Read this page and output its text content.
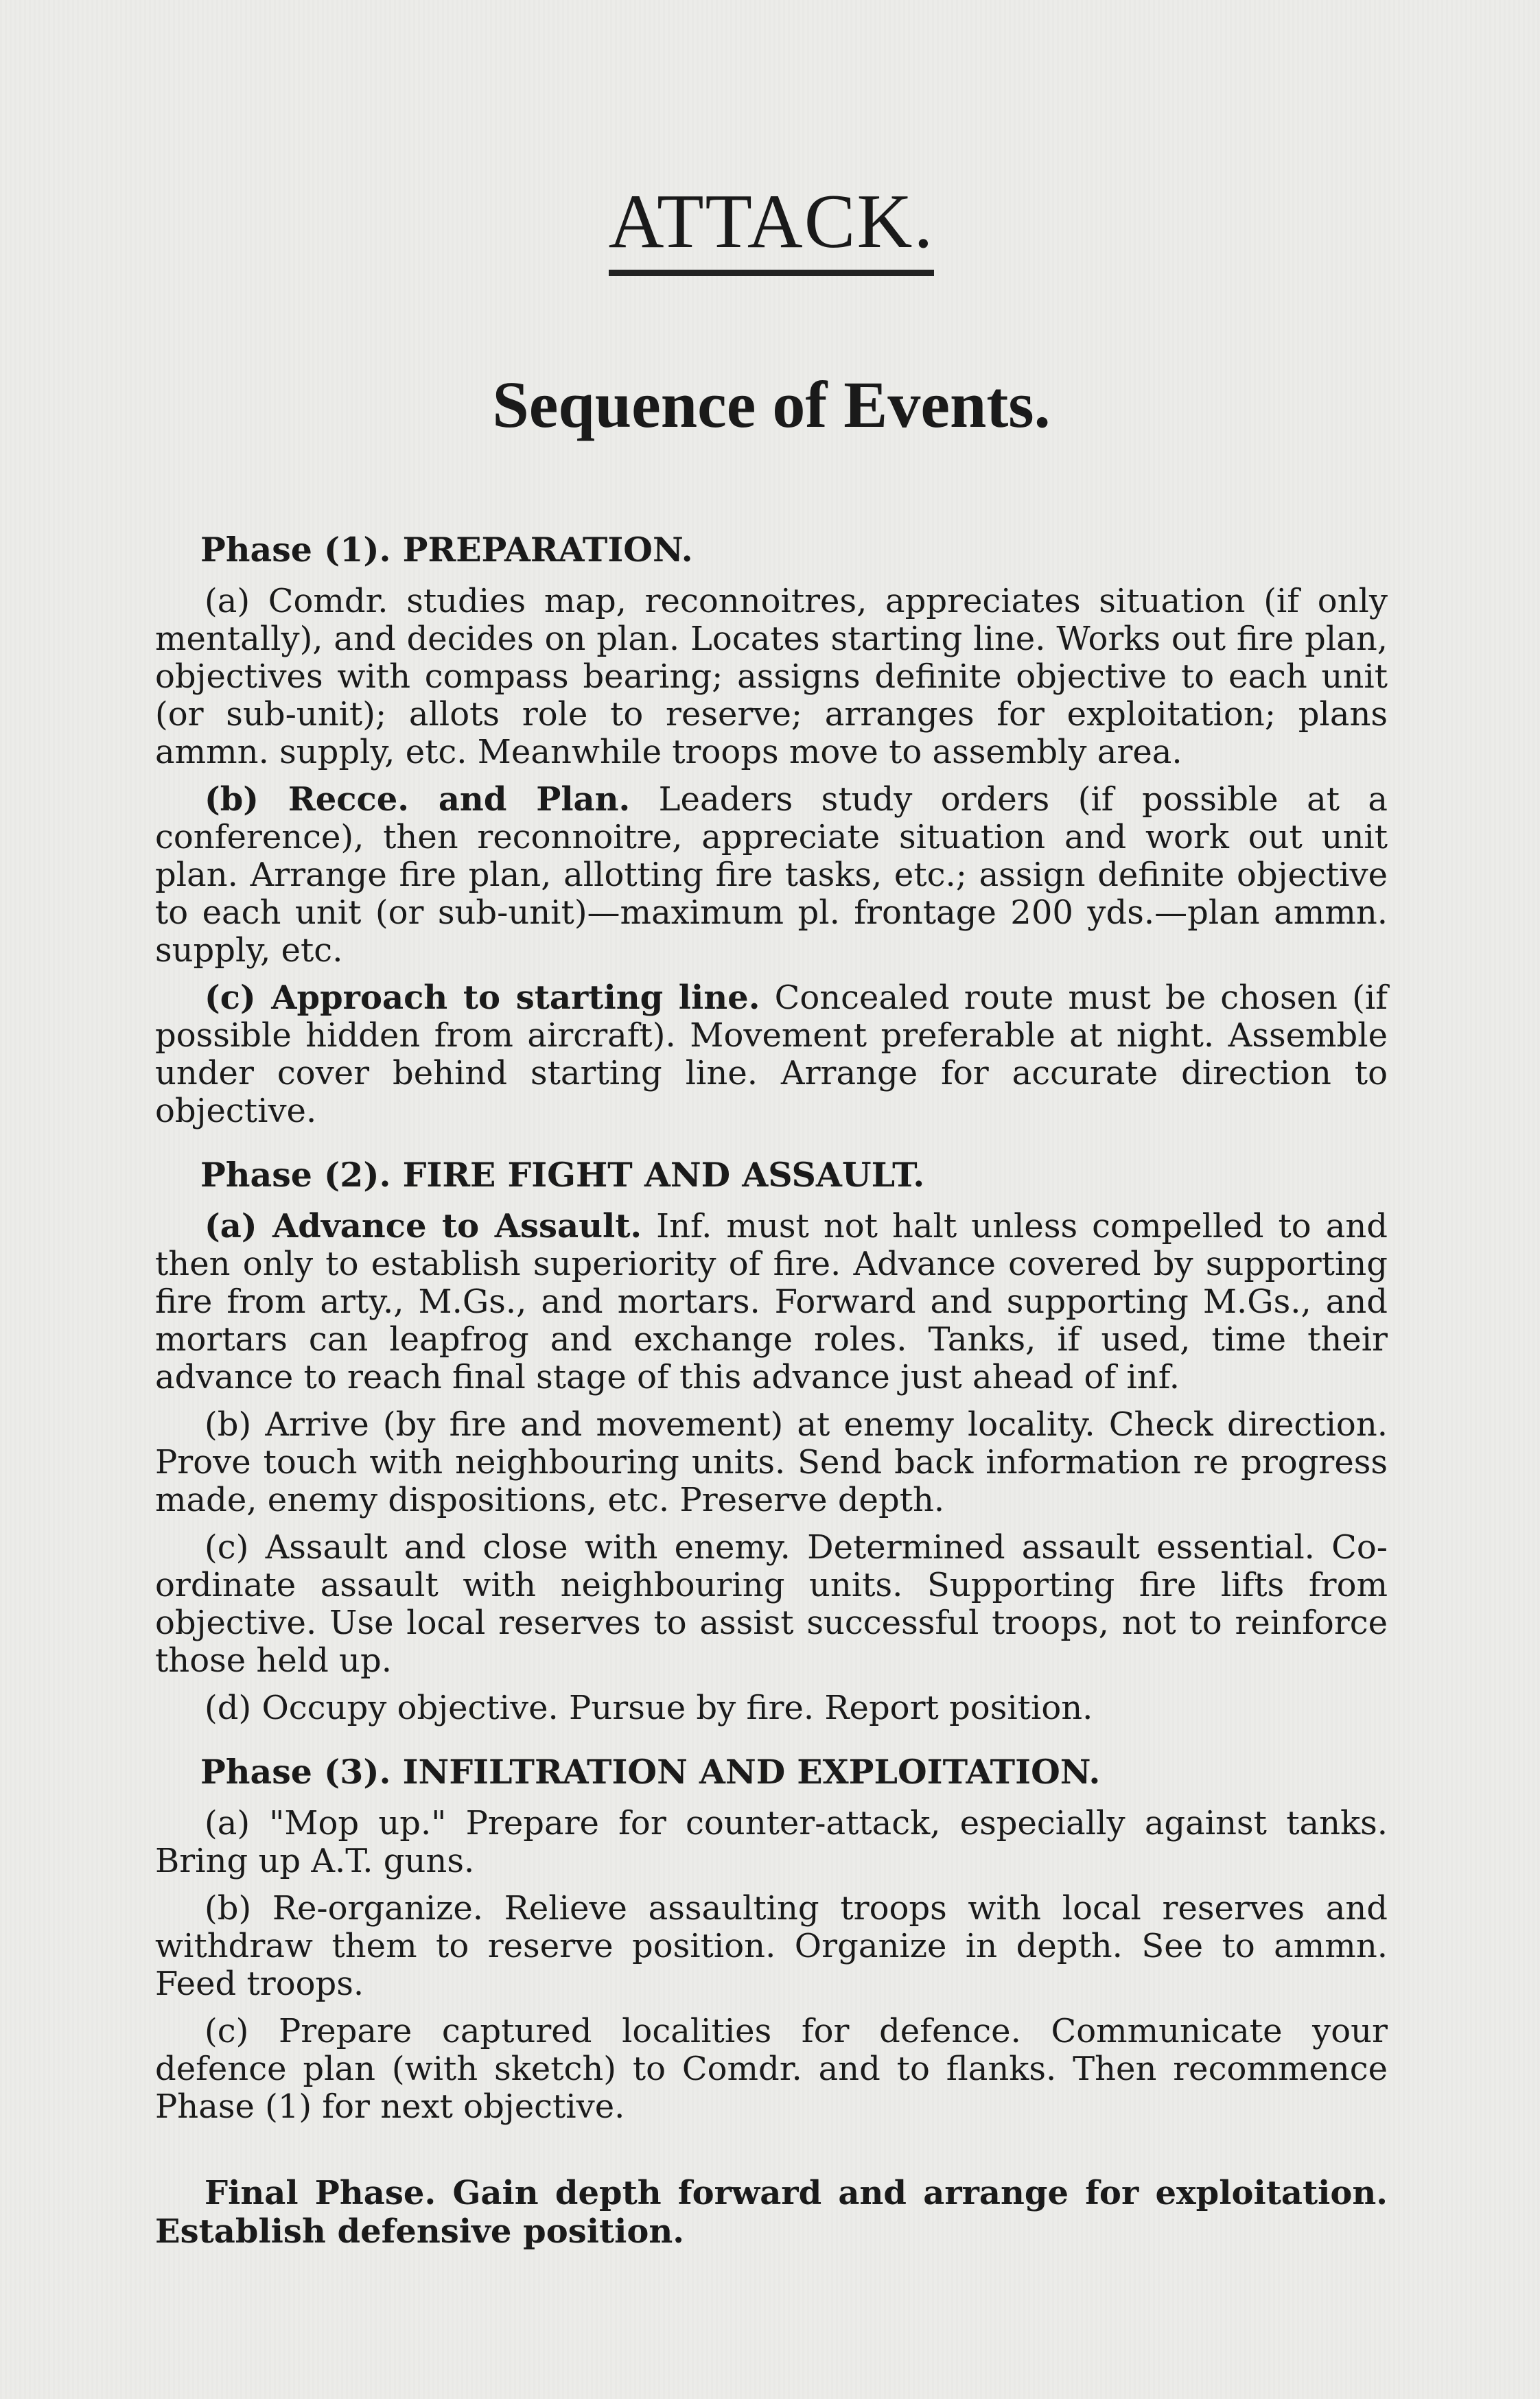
ATTACK.
Sequence of Events.
Phase (1). PREPARATION.

(a) Comdr. studies map, reconnoitres, appreciates situation (if only mentally), and decides on plan. Locates starting line. Works out fire plan, objectives with compass bearing; assigns definite objective to each unit (or sub-unit); allots role to reserve; arranges for exploitation; plans ammn. supply, etc. Meanwhile troops move to assembly area.

(b) Recce. and Plan. Leaders study orders (if possible at a conference), then reconnoitre, appreciate situation and work out unit plan. Arrange fire plan, allotting fire tasks, etc.; assign definite objective to each unit (or sub-unit)—maximum pl. frontage 200 yds.—plan ammn. supply, etc.

(c) Approach to starting line. Concealed route must be chosen (if possible hidden from aircraft). Movement preferable at night. Assemble under cover behind starting line. Arrange for accurate direction to objective.

Phase (2). FIRE FIGHT AND ASSAULT.

(a) Advance to Assault. Inf. must not halt unless compelled to and then only to establish superiority of fire. Advance covered by supporting fire from arty., M.Gs., and mortars. Forward and supporting M.Gs., and mortars can leapfrog and exchange roles. Tanks, if used, time their advance to reach final stage of this advance just ahead of inf.

(b) Arrive (by fire and movement) at enemy locality. Check direction. Prove touch with neighbouring units. Send back information re progress made, enemy dispositions, etc. Preserve depth.

(c) Assault and close with enemy. Determined assault essential. Co-ordinate assault with neighbouring units. Supporting fire lifts from objective. Use local reserves to assist successful troops, not to reinforce those held up.

(d) Occupy objective. Pursue by fire. Report position.

Phase (3). INFILTRATION AND EXPLOITATION.

(a) "Mop up." Prepare for counter-attack, especially against tanks. Bring up A.T. guns.

(b) Re-organize. Relieve assaulting troops with local reserves and withdraw them to reserve position. Organize in depth. See to ammn. Feed troops.

(c) Prepare captured localities for defence. Communicate your defence plan (with sketch) to Comdr. and to flanks. Then recommence Phase (1) for next objective.

Final Phase. Gain depth forward and arrange for exploitation. Establish defensive position.
